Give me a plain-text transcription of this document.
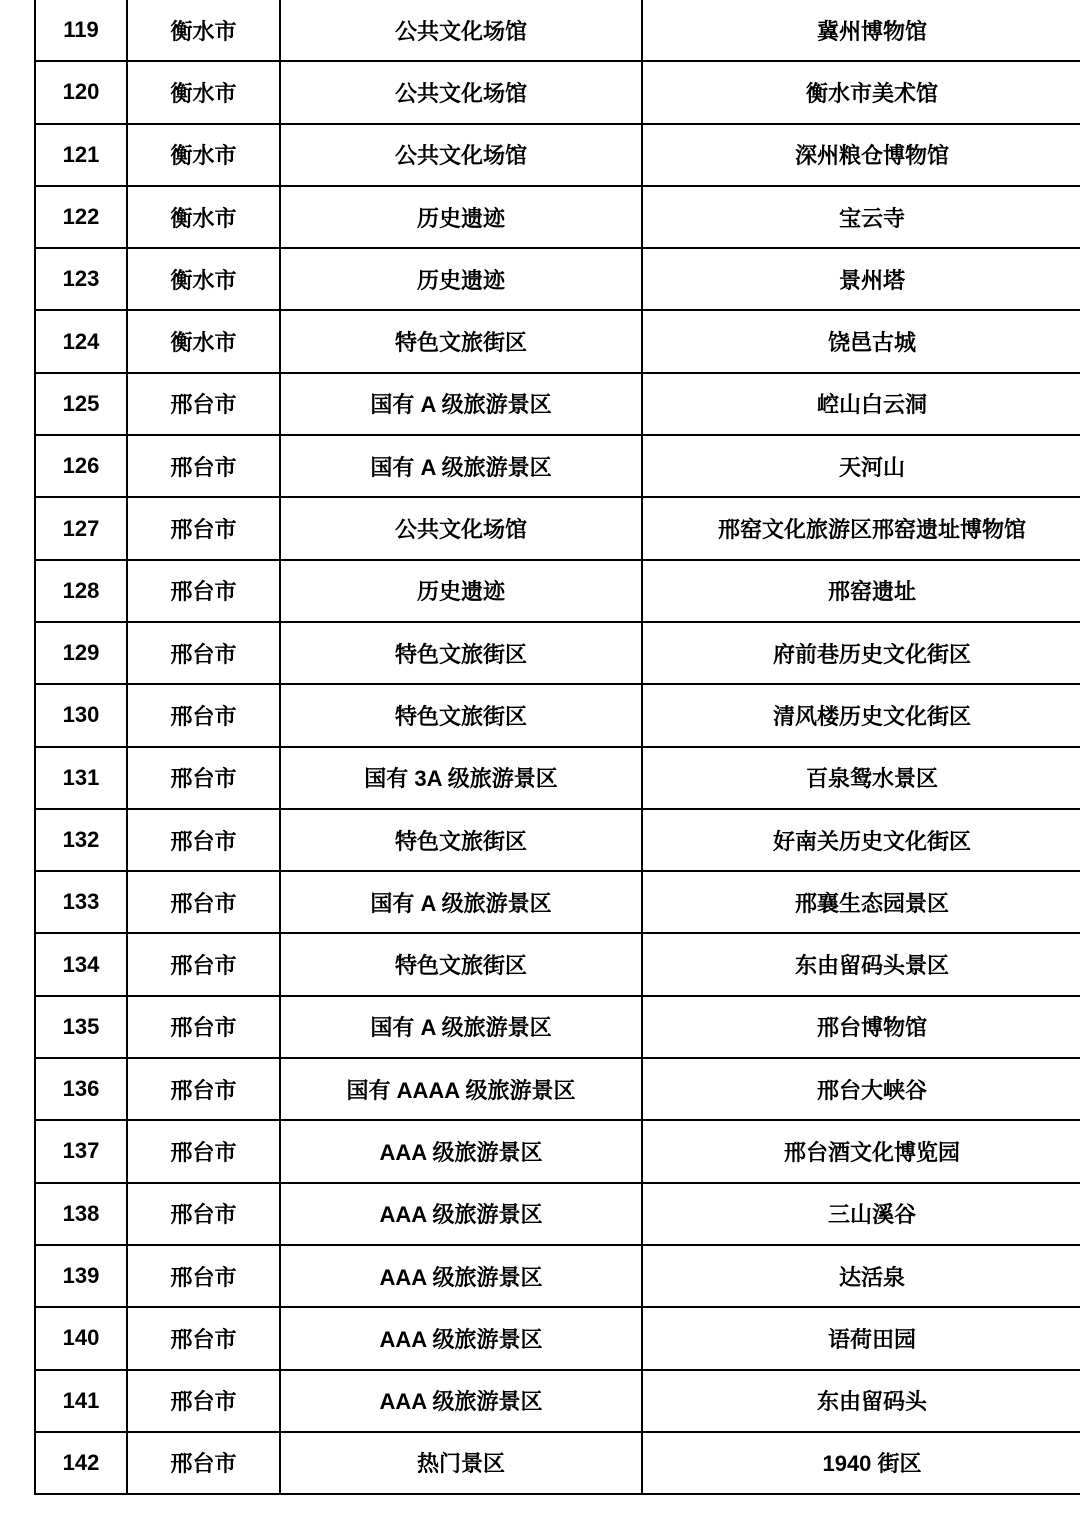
119	衡水市	公共文化场馆	冀州博物馆
120	衡水市	公共文化场馆	衡水市美术馆
121	衡水市	公共文化场馆	深州粮仓博物馆
122	衡水市	历史遗迹	宝云寺
123	衡水市	历史遗迹	景州塔
124	衡水市	特色文旅街区	饶邑古城
125	邢台市	国有 A 级旅游景区	崆山白云洞
126	邢台市	国有 A 级旅游景区	天河山
127	邢台市	公共文化场馆	邢窑文化旅游区邢窑遗址博物馆
128	邢台市	历史遗迹	邢窑遗址
129	邢台市	特色文旅街区	府前巷历史文化街区
130	邢台市	特色文旅街区	清风楼历史文化街区
131	邢台市	国有 3A 级旅游景区	百泉鸳水景区
132	邢台市	特色文旅街区	好南关历史文化街区
133	邢台市	国有 A 级旅游景区	邢襄生态园景区
134	邢台市	特色文旅街区	东由留码头景区
135	邢台市	国有 A 级旅游景区	邢台博物馆
136	邢台市	国有 AAAA 级旅游景区	邢台大峡谷
137	邢台市	AAA 级旅游景区	邢台酒文化博览园
138	邢台市	AAA 级旅游景区	三山溪谷
139	邢台市	AAA 级旅游景区	达活泉
140	邢台市	AAA 级旅游景区	语荷田园
141	邢台市	AAA 级旅游景区	东由留码头
142	邢台市	热门景区	1940 街区
